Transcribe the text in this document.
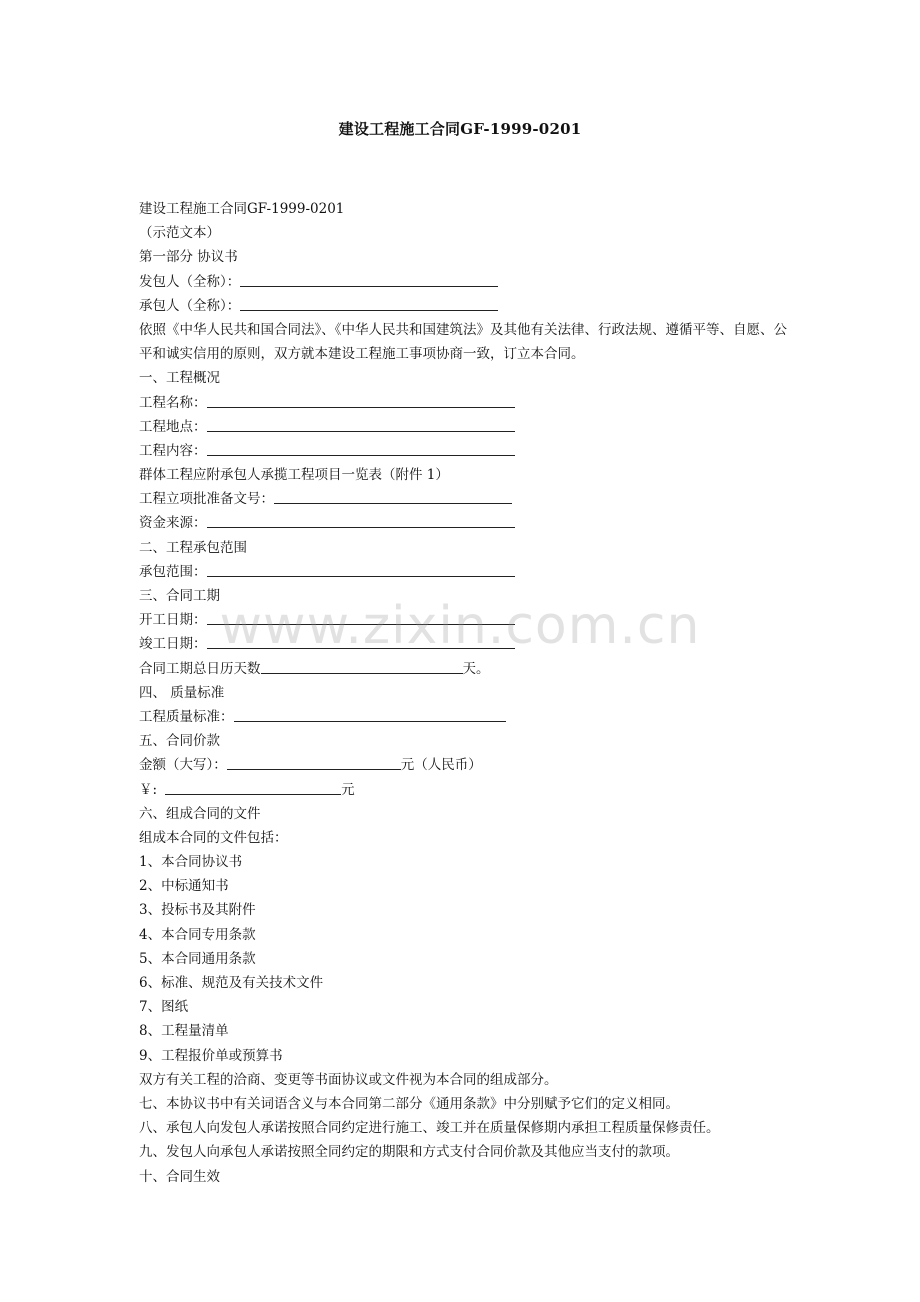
建设工程施工合同GF-1999-0201
建设工程施工合同GF-1999-0201
（示范文本）
第一部分 协议书
发包人（全称）：
承包人（全称）：
依照《中华人民共和国合同法》、《中华人民共和国建筑法》及其他有关法律、行政法规、遵循平等、自愿、公平和诚实信用的原则，双方就本建设工程施工事项协商一致，订立本合同。
一、工程概况
工程名称：
工程地点：
工程内容：
群体工程应附承包人承揽工程项目一览表（附件 1）
工程立项批准备文号：
资金来源：
二、工程承包范围
承包范围：
三、合同工期
开工日期：
竣工日期：
合同工期总日历天数	天。
四、 质量标准
工程质量标准：
五、合同价款
金额（大写）：	元（人民币）
￥:	元
六、组成合同的文件
组成本合同的文件包括：
1、本合同协议书
2、中标通知书
3、投标书及其附件
4、本合同专用条款
5、本合同通用条款
6、标准、规范及有关技术文件
7、图纸
8、工程量清单
9、工程报价单或预算书
双方有关工程的洽商、变更等书面协议或文件视为本合同的组成部分。
七、本协议书中有关词语含义与本合同第二部分《通用条款》中分别赋予它们的定义相同。
八、承包人向发包人承诺按照合同约定进行施工、竣工并在质量保修期内承担工程质量保修责任。
九、发包人向承包人承诺按照全同约定的期限和方式支付合同价款及其他应当支付的款项。
十、合同生效
www.zixin.com.cn
